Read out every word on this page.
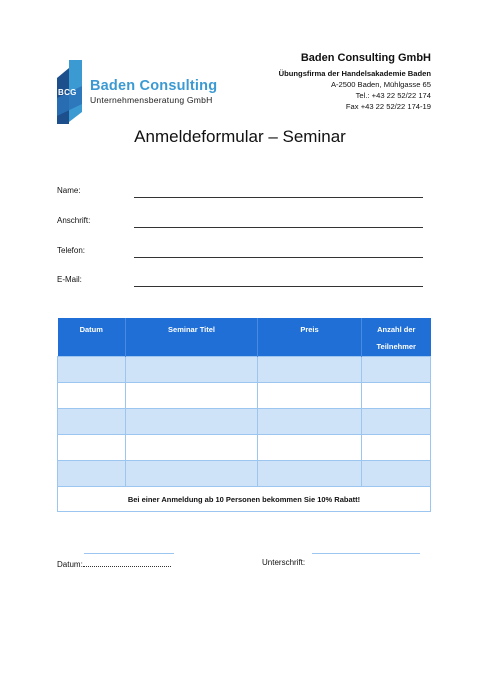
BCG Baden Consulting
Unternehmensberatung GmbH
Baden Consulting GmbH
Übungsfirma der Handelsakademie Baden
A-2500 Baden, Mühlgasse 65
Tel.: +43 22 52/22 174
Fax +43 22 52/22 174-19
Anmeldeformular – Seminar
Name:
Anschrift:
Telefon:
E-Mail:
Datum	Seminar Titel	Preis	Anzahl der Teilnehmer

Bei einer Anmeldung ab 10 Personen bekommen Sie 10% Rabatt!			
Datum:	Unterschrift:
